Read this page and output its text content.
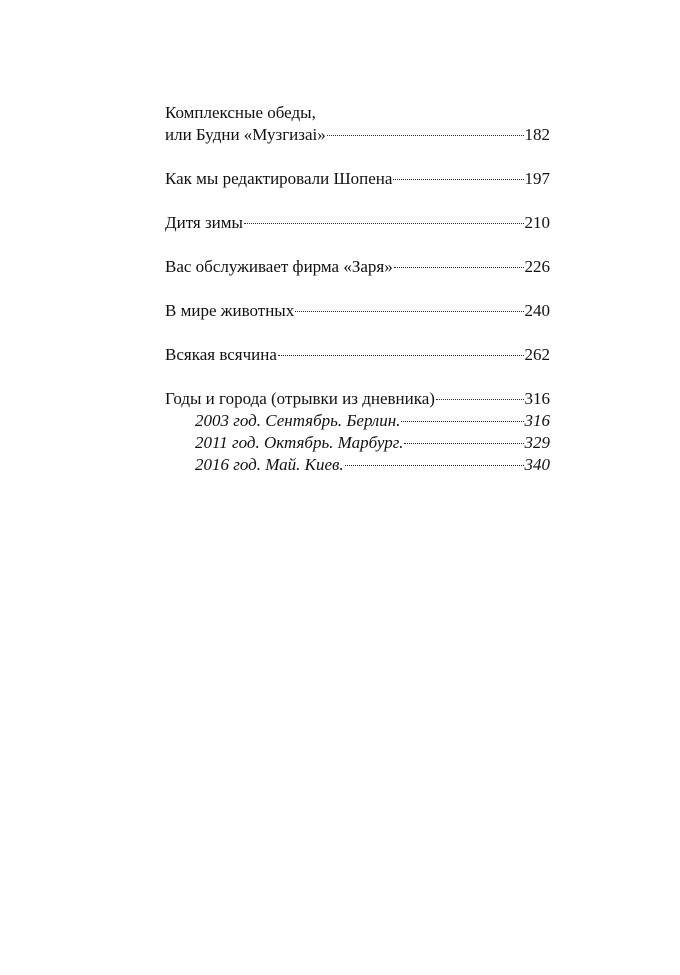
Комплексные обеды,
или Будни «Музгизаі»	182
Как мы редактировали Шопена	197
Дитя зимы	210
Вас обслуживает фирма «Заря»	226
В мире животных	240
Всякая всячина	262
Годы и города (отрывки из дневника)	316
2003 год. Сентябрь. Берлин.	316
2011 год. Октябрь. Марбург.	329
2016 год. Май. Киев.	340
